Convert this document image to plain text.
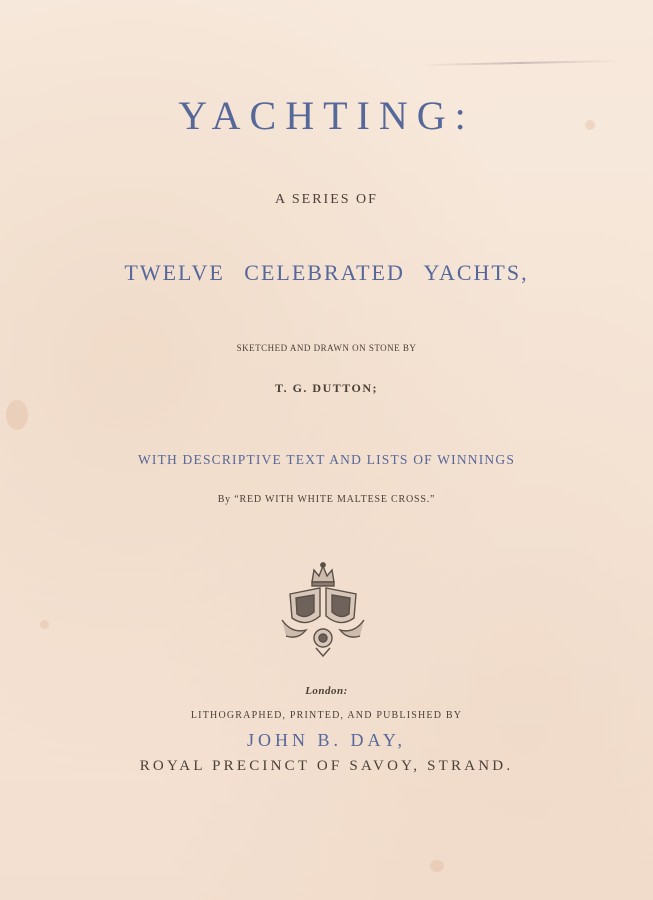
YACHTING:
A SERIES OF
TWELVE CELEBRATED YACHTS,
SKETCHED AND DRAWN ON STONE BY
T. G. DUTTON;
WITH DESCRIPTIVE TEXT AND LISTS OF WINNINGS
By “RED WITH WHITE MALTESE CROSS.”
London:
LITHOGRAPHED, PRINTED, AND PUBLISHED BY
JOHN B. DAY,
ROYAL PRECINCT OF SAVOY, STRAND.
